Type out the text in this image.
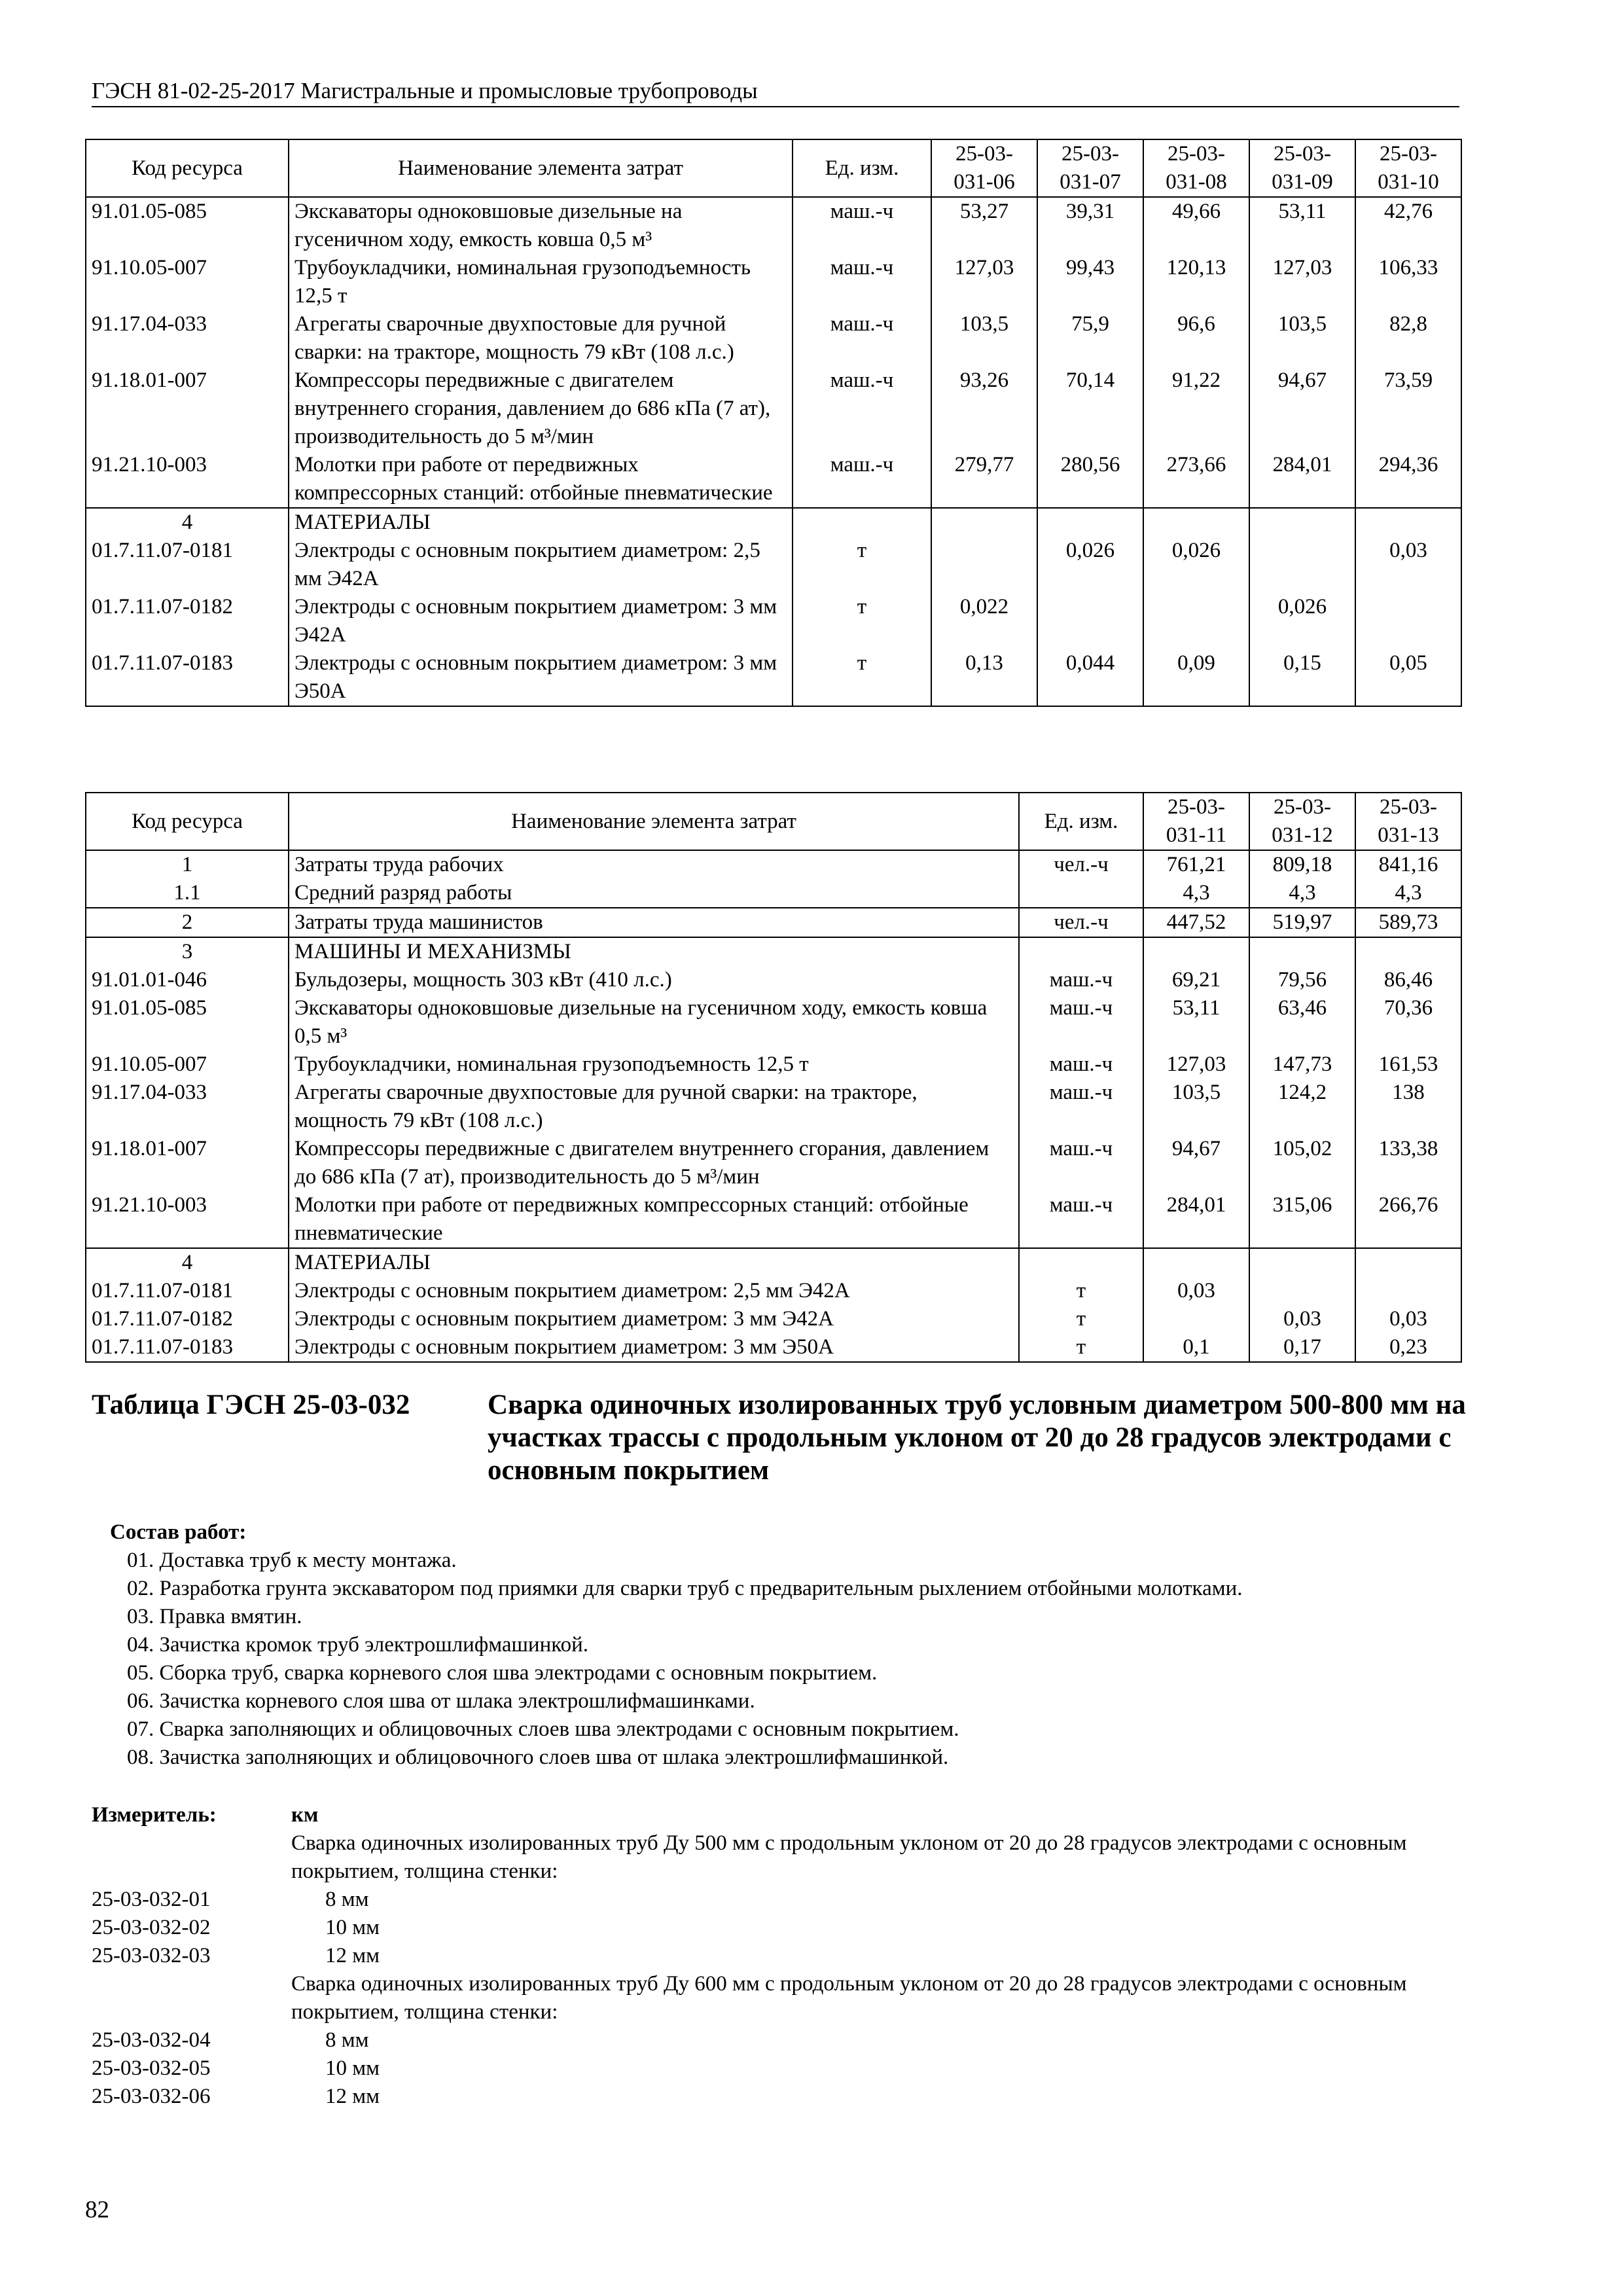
ГЭСН 81-02-25-2017 Магистральные и промысловые трубопроводы
Код ресурса	Наименование элемента затрат	Ед. изм.	25-03-031-06	25-03-031-07	25-03-031-08	25-03-031-09	25-03-031-10
91.01.05-085	Экскаваторы одноковшовые дизельные на гусеничном ходу, емкость ковша 0,5 м³	маш.-ч	53,27	39,31	49,66	53,11	42,76
91.10.05-007	Трубоукладчики, номинальная грузоподъемность 12,5 т	маш.-ч	127,03	99,43	120,13	127,03	106,33
91.17.04-033	Агрегаты сварочные двухпостовые для ручной сварки: на тракторе, мощность 79 кВт (108 л.с.)	маш.-ч	103,5	75,9	96,6	103,5	82,8
91.18.01-007	Компрессоры передвижные с двигателем внутреннего сгорания, давлением до 686 кПа (7 ат), производительность до 5 м³/мин	маш.-ч	93,26	70,14	91,22	94,67	73,59
91.21.10-003	Молотки при работе от передвижных компрессорных станций: отбойные пневматические	маш.-ч	279,77	280,56	273,66	284,01	294,36
4	МАТЕРИАЛЫ						
01.7.11.07-0181	Электроды с основным покрытием диаметром: 2,5 мм Э42А	т		0,026	0,026		0,03
01.7.11.07-0182	Электроды с основным покрытием диаметром: 3 мм Э42А	т	0,022			0,026	
01.7.11.07-0183	Электроды с основным покрытием диаметром: 3 мм Э50А	т	0,13	0,044	0,09	0,15	0,05
Код ресурса	Наименование элемента затрат	Ед. изм.	25-03-031-11	25-03-031-12	25-03-031-13
1	Затраты труда рабочих	чел.-ч	761,21	809,18	841,16
1.1	Средний разряд работы		4,3	4,3	4,3
2	Затраты труда машинистов	чел.-ч	447,52	519,97	589,73
3	МАШИНЫ И МЕХАНИЗМЫ				
91.01.01-046	Бульдозеры, мощность 303 кВт (410 л.с.)	маш.-ч	69,21	79,56	86,46
91.01.05-085	Экскаваторы одноковшовые дизельные на гусеничном ходу, емкость ковша 0,5 м³	маш.-ч	53,11	63,46	70,36
91.10.05-007	Трубоукладчики, номинальная грузоподъемность 12,5 т	маш.-ч	127,03	147,73	161,53
91.17.04-033	Агрегаты сварочные двухпостовые для ручной сварки: на тракторе, мощность 79 кВт (108 л.с.)	маш.-ч	103,5	124,2	138
91.18.01-007	Компрессоры передвижные с двигателем внутреннего сгорания, давлением до 686 кПа (7 ат), производительность до 5 м³/мин	маш.-ч	94,67	105,02	133,38
91.21.10-003	Молотки при работе от передвижных компрессорных станций: отбойные пневматические	маш.-ч	284,01	315,06	266,76
4	МАТЕРИАЛЫ				
01.7.11.07-0181	Электроды с основным покрытием диаметром: 2,5 мм Э42А	т	0,03		
01.7.11.07-0182	Электроды с основным покрытием диаметром: 3 мм Э42А	т		0,03	0,03
01.7.11.07-0183	Электроды с основным покрытием диаметром: 3 мм Э50А	т	0,1	0,17	0,23
Таблица ГЭСН 25-03-032	Сварка одиночных изолированных труб условным диаметром 500-800 мм на участках трассы с продольным уклоном от 20 до 28 градусов электродами с основным покрытием
Состав работ:
01. Доставка труб к месту монтажа.
02. Разработка грунта экскаватором под приямки для сварки труб с предварительным рыхлением отбойными молотками.
03. Правка вмятин.
04. Зачистка кромок труб электрошлифмашинкой.
05. Сборка труб, сварка корневого слоя шва электродами с основным покрытием.
06. Зачистка корневого слоя шва от шлака электрошлифмашинками.
07. Сварка заполняющих и облицовочных слоев шва электродами с основным покрытием.
08. Зачистка заполняющих и облицовочного слоев шва от шлака электрошлифмашинкой.
Измеритель:	км
Сварка одиночных изолированных труб Ду 500 мм с продольным уклоном от 20 до 28 градусов электродами с основным покрытием, толщина стенки:
25-03-032-01	8 мм
25-03-032-02	10 мм
25-03-032-03	12 мм
Сварка одиночных изолированных труб Ду 600 мм с продольным уклоном от 20 до 28 градусов электродами с основным покрытием, толщина стенки:
25-03-032-04	8 мм
25-03-032-05	10 мм
25-03-032-06	12 мм
82
